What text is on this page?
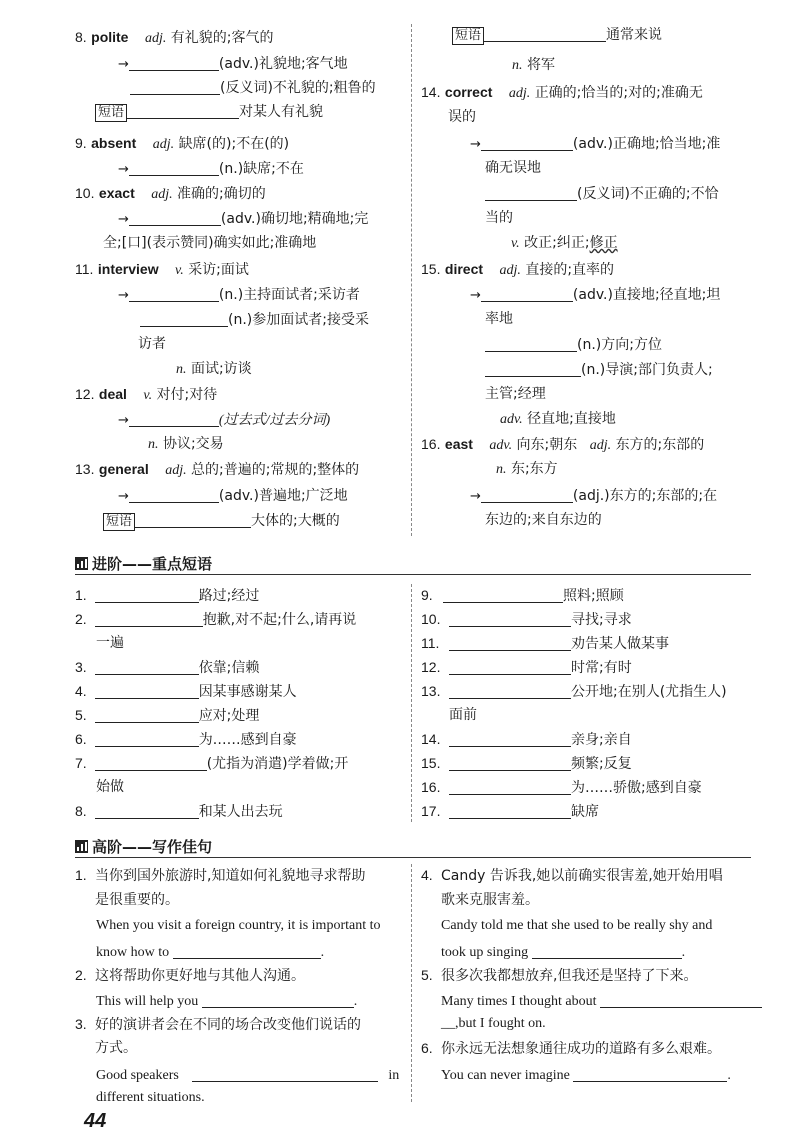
8. polite adj. 有礼貌的;客气的
→	(adv.)礼貌地;客气地
(反义词)不礼貌的;粗鲁的
短语	对某人有礼貌
9. absent adj. 缺席(的);不在(的)
→	(n.)缺席;不在
10. exact adj. 准确的;确切的
→	(adv.)确切地;精确地;完
全;[口](表示赞同)确实如此;准确地
11. interview v. 采访;面试
→	(n.)主持面试者;采访者
(n.)参加面试者;接受采
访者
n. 面试;访谈
12. deal v. 对付;对待
→	(过去式/过去分词)
n. 协议;交易
13. general adj. 总的;普遍的;常规的;整体的
→	(adv.)普遍地;广泛地
短语	大体的;大概的
短语	通常来说
n. 将军
14. correct adj. 正确的;恰当的;对的;准确无
误的
→	(adv.)正确地;恰当地;准
确无误地
(反义词)不正确的;不恰
当的
v. 改正;纠正;修正
15. direct adj. 直接的;直率的
→	(adv.)直接地;径直地;坦
率地
(n.)方向;方位
(n.)导演;部门负责人;
主管;经理
adv. 径直地;直接地
16. east adv. 向东;朝东 adj. 东方的;东部的
n. 东;东方
→	(adj.)东方的;东部的;在
东边的;来自东边的
进阶——重点短语
1.	路过;经过
2.	抱歉,对不起;什么,请再说
一遍
3.	依靠;信赖
4.	因某事感谢某人
5.	应对;处理
6.	为……感到自豪
7.	(尤指为消遣)学着做;开
始做
8.	和某人出去玩
9.	照料;照顾
10.	寻找;寻求
11.	劝告某人做某事
12.	时常;有时
13.	公开地;在别人(尤指生人)
面前
14.	亲身;亲自
15.	频繁;反复
16.	为……骄傲;感到自豪
17.	缺席
高阶——写作佳句
1. 当你到国外旅游时,知道如何礼貌地寻求帮助
是很重要的。
When you visit a foreign country, it is important to
know how to	.
2. 这将帮助你更好地与其他人沟通。
This will help you	.
3. 好的演讲者会在不同的场合改变他们说话的
方式。
Good speakers	in
different situations.
4. Candy 告诉我,她以前确实很害羞,她开始用唱
歌来克服害羞。
Candy told me that she used to be really shy and
took up singing	.
5. 很多次我都想放弃,但我还是坚持了下来。
Many times I thought about
__,but I fought on.
6. 你永远无法想象通往成功的道路有多么艰难。
You can never imagine	.
44
